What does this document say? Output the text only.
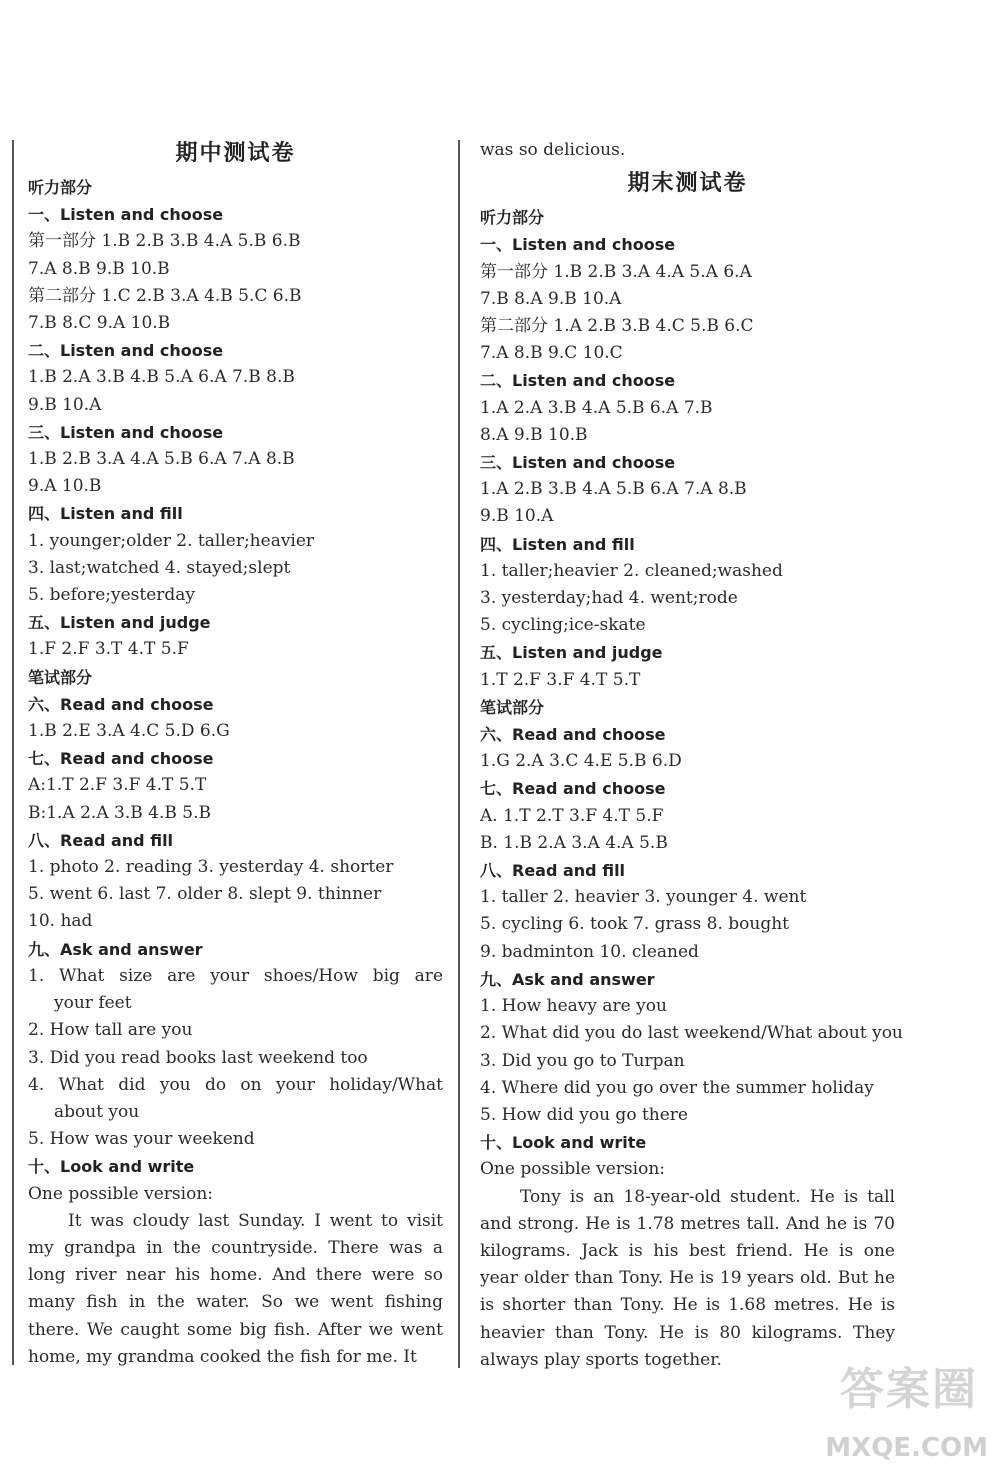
期中测试卷
听力部分
一、Listen and choose
第一部分 1.B 2.B 3.B 4.A 5.B 6.B
7.A 8.B 9.B 10.B
第二部分 1.C 2.B 3.A 4.B 5.C 6.B
7.B 8.C 9.A 10.B
二、Listen and choose
1.B 2.A 3.B 4.B 5.A 6.A 7.B 8.B
9.B 10.A
三、Listen and choose
1.B 2.B 3.A 4.A 5.B 6.A 7.A 8.B
9.A 10.B
四、Listen and fill
1. younger;older 2. taller;heavier
3. last;watched 4. stayed;slept
5. before;yesterday
五、Listen and judge
1.F 2.F 3.T 4.T 5.F
笔试部分
六、Read and choose
1.B 2.E 3.A 4.C 5.D 6.G
七、Read and choose
A:1.T 2.F 3.F 4.T 5.T
B:1.A 2.A 3.B 4.B 5.B
八、Read and fill
1. photo 2. reading 3. yesterday 4. shorter
5. went 6. last 7. older 8. slept 9. thinner
10. had
九、Ask and answer
1. What size are your shoes/How big are
your feet
2. How tall are you
3. Did you read books last weekend too
4. What did you do on your holiday/What
about you
5. How was your weekend
十、Look and write
One possible version:
It was cloudy last Sunday. I went to visit my grandpa in the countryside. There was a long river near his home. And there were so many fish in the water. So we went fishing there. We caught some big fish. After we went home, my grandma cooked the fish for me. It
was so delicious.
期末测试卷
听力部分
一、Listen and choose
第一部分 1.B 2.B 3.A 4.A 5.A 6.A
7.B 8.A 9.B 10.A
第二部分 1.A 2.B 3.B 4.C 5.B 6.C
7.A 8.B 9.C 10.C
二、Listen and choose
1.A 2.A 3.B 4.A 5.B 6.A 7.B
8.A 9.B 10.B
三、Listen and choose
1.A 2.B 3.B 4.A 5.B 6.A 7.A 8.B
9.B 10.A
四、Listen and fill
1. taller;heavier 2. cleaned;washed
3. yesterday;had 4. went;rode
5. cycling;ice-skate
五、Listen and judge
1.T 2.F 3.F 4.T 5.T
笔试部分
六、Read and choose
1.G 2.A 3.C 4.E 5.B 6.D
七、Read and choose
A. 1.T 2.T 3.F 4.T 5.F
B. 1.B 2.A 3.A 4.A 5.B
八、Read and fill
1. taller 2. heavier 3. younger 4. went
5. cycling 6. took 7. grass 8. bought
9. badminton 10. cleaned
九、Ask and answer
1. How heavy are you
2. What did you do last weekend/What about you
3. Did you go to Turpan
4. Where did you go over the summer holiday
5. How did you go there
十、Look and write
One possible version:
Tony is an 18-year-old student. He is tall and strong. He is 1.78 metres tall. And he is 70 kilograms. Jack is his best friend. He is one year older than Tony. He is 19 years old. But he is shorter than Tony. He is 1.68 metres. He is heavier than Tony. He is 80 kilograms. They always play sports together.
答案圈
MXQE.COM
